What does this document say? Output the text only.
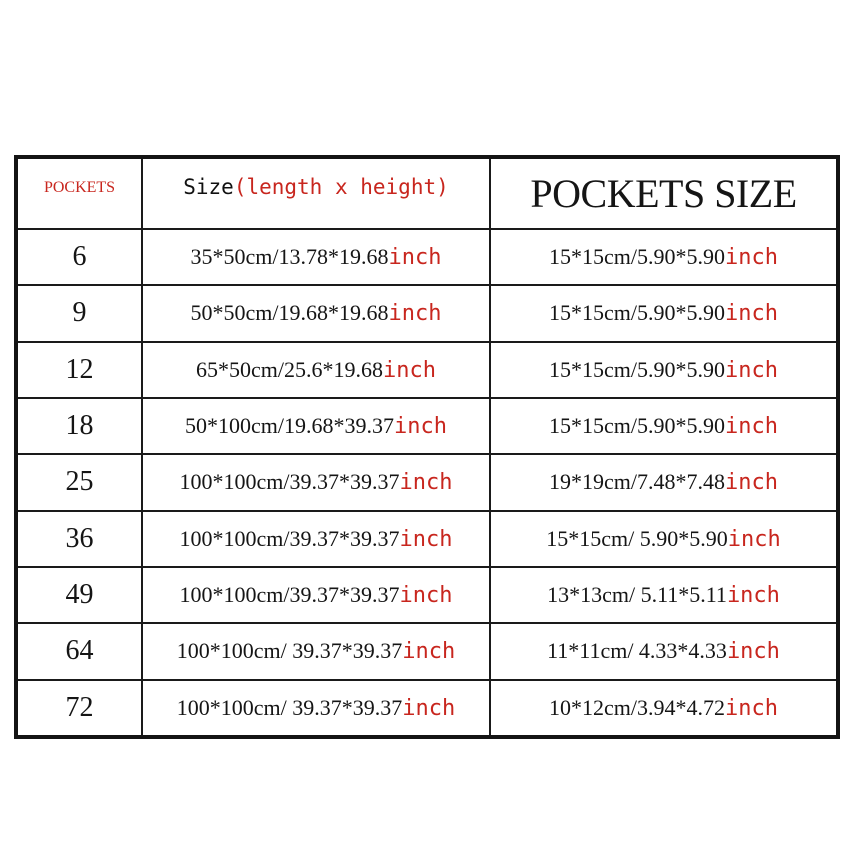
POCKETS	Size(length x height)	POCKETS SIZE
6	35*50cm/13.78*19.68inch	15*15cm/5.90*5.90inch
9	50*50cm/19.68*19.68inch	15*15cm/5.90*5.90inch
12	65*50cm/25.6*19.68inch	15*15cm/5.90*5.90inch
18	50*100cm/19.68*39.37inch	15*15cm/5.90*5.90inch
25	100*100cm/39.37*39.37inch	19*19cm/7.48*7.48inch
36	100*100cm/39.37*39.37inch	15*15cm/ 5.90*5.90inch
49	100*100cm/39.37*39.37inch	13*13cm/ 5.11*5.11inch
64	100*100cm/ 39.37*39.37inch	11*11cm/ 4.33*4.33inch
72	100*100cm/ 39.37*39.37inch	10*12cm/3.94*4.72inch
